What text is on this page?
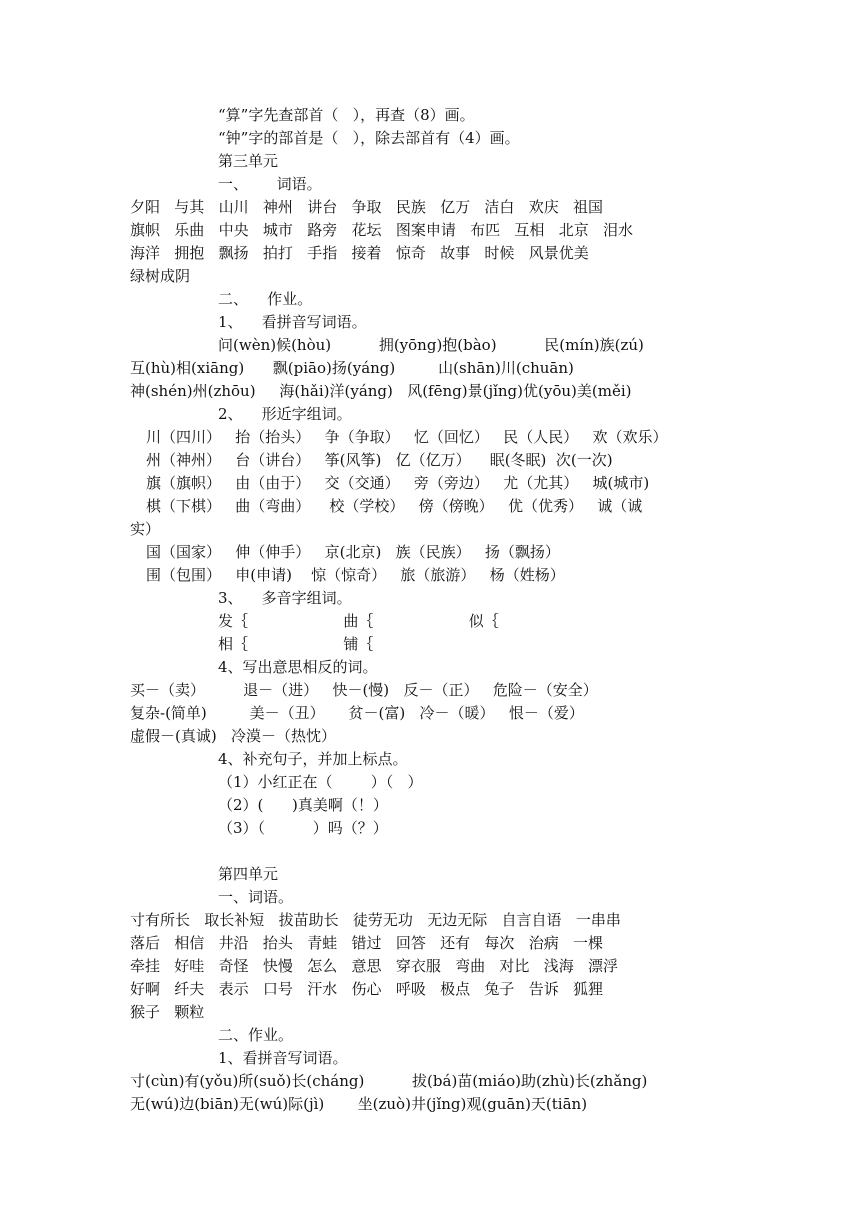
“算”字先查部首（   ），再查（8）画。
“钟”字的部首是（   ），除去部首有（4）画。
第三单元
一、      词语。
夕阳   与其   山川   神州   讲台   争取   民族   亿万   洁白   欢庆   祖国
旗帜   乐曲   中央   城市   路旁   花坛   图案申请   布匹   互相   北京   泪水
海洋   拥抱   飘扬   拍打   手指   接着   惊奇   故事   时候   风景优美
绿树成阴
二、    作业。
1、    看拼音写词语。
问(wèn)候(hòu)          拥(yōng)抱(bào)          民(mín)族(zú)
互(hù)相(xiāng)      飘(piāo)扬(yáng)         山(shān)川(chuān)
神(shén)州(zhōu)     海(hǎi)洋(yáng)   风(fēng)景(jǐng)优(yōu)美(měi)
2、    形近字组词。
川（四川）   抬（抬头）   争（争取）   忆（回忆）   民（人民）   欢（欢乐）
州（神州）   台（讲台）   筝(风筝)   亿（亿万）    眠(冬眠)  次(一次)
旗（旗帜）   由（由于）   交（交通）   旁（旁边）   尤（尤其）   城(城市)
棋（下棋）   曲（弯曲）    校（学校）   傍（傍晚）   优（优秀）   诚（诚
实）
国（国家）   伸（伸手）   京(北京)   族（民族）   扬（飘扬）
围（包围）   申(申请)    惊（惊奇）   旅（旅游）   杨（姓杨）
3、    多音字组词。
发｛                    曲｛                    似｛
相｛                    铺｛
4、写出意思相反的词。
买－（卖）        退－（进）   快－(慢)   反－（正）   危险－（安全）
复杂-(简单)         美－（丑）     贫－(富)   冷－（暖）   恨－（爱）
虚假－(真诚)   冷漠－（热忱）
4、补充句子，并加上标点。
（1）小红正在（        ）（   ）
（2）(      )真美啊（！）
（3）（          ）吗（？）
第四单元
一、词语。
寸有所长   取长补短   拔苗助长   徒劳无功   无边无际   自言自语   一串串
落后   相信   井沿   抬头   青蛙   错过   回答   还有   每次   治病   一棵
牵挂   好哇   奇怪   快慢   怎么   意思   穿衣服   弯曲   对比   浅海   漂浮
好啊   纤夫   表示   口号   汗水   伤心   呼吸   极点   兔子   告诉   狐狸
猴子   颗粒
二、作业。
1、看拼音写词语。
寸(cùn)有(yǒu)所(suǒ)长(cháng)          拔(bá)苗(miáo)助(zhù)长(zhǎng)
无(wú)边(biān)无(wú)际(jì)       坐(zuò)井(jǐng)观(guān)天(tiān)
